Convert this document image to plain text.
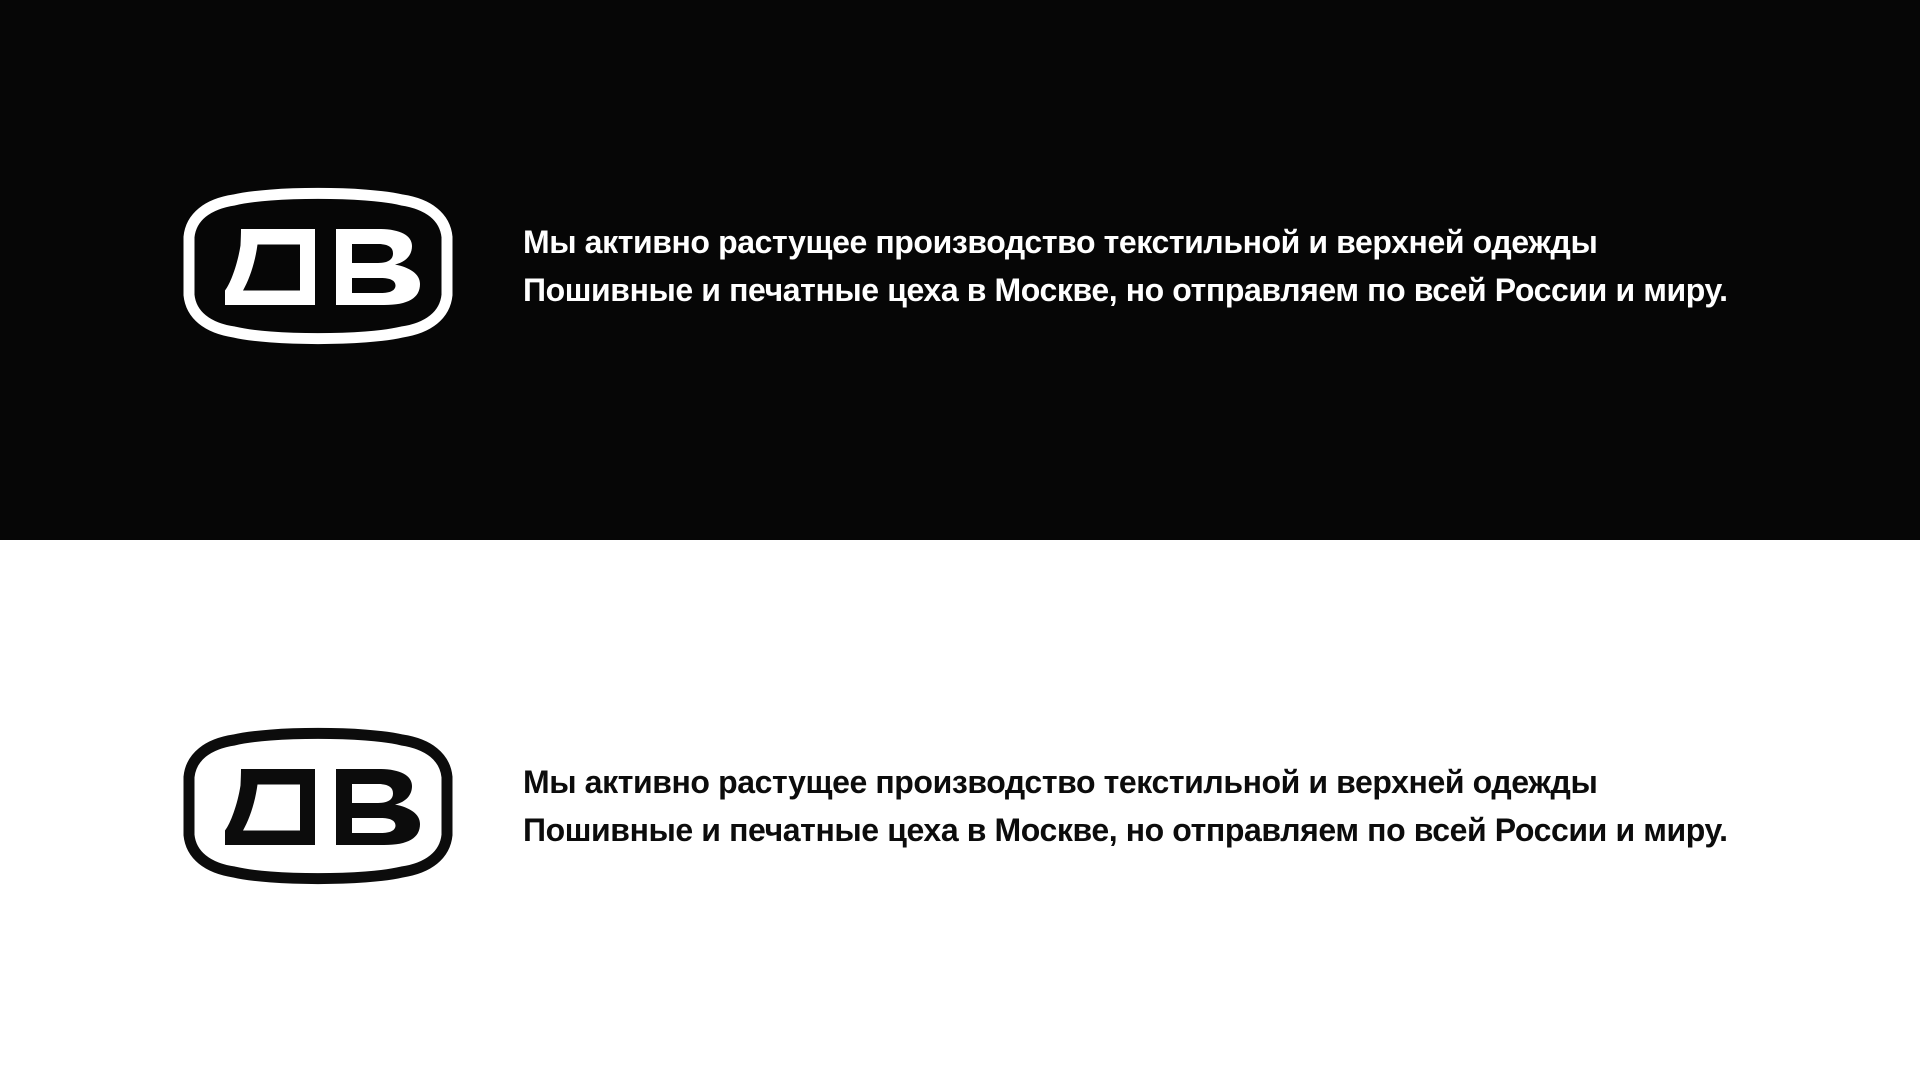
Мы активно растущее производство текстильной и верхней одежды

Пошивные и печатные цеха в Москве, но отправляем по всей России и миру.

Мы активно растущее производство текстильной и верхней одежды

Пошивные и печатные цеха в Москве, но отправляем по всей России и миру.
